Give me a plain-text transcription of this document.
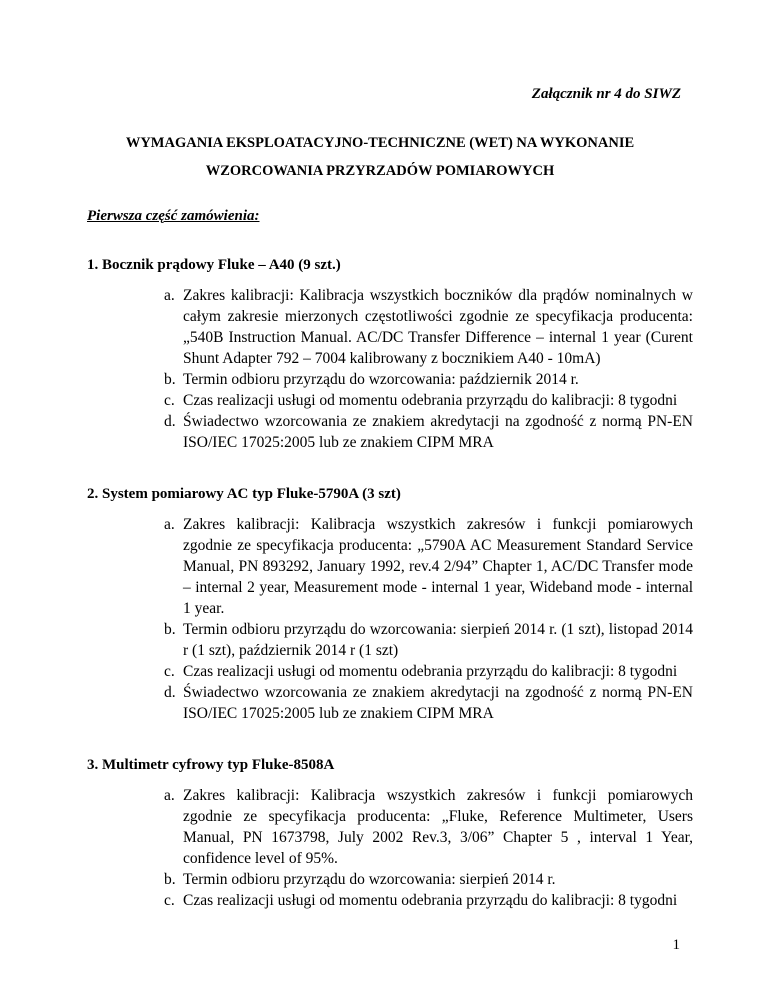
Załącznik nr 4 do SIWZ
WYMAGANIA EKSPLOATACYJNO-TECHNICZNE (WET) NA WYKONANIE
WZORCOWANIA PRZYRZADÓW POMIAROWYCH
Pierwsza część zamówienia:
1. Bocznik prądowy Fluke – A40 (9 szt.)
a. Zakres kalibracji: Kalibracja wszystkich boczników dla prądów nominalnych w całym zakresie mierzonych częstotliwości zgodnie ze specyfikacja producenta: „540B Instruction Manual. AC/DC Transfer Difference – internal 1 year (Curent Shunt Adapter 792 – 7004 kalibrowany z bocznikiem A40 - 10mA)
b. Termin odbioru przyrządu do wzorcowania: październik 2014 r.
c. Czas realizacji usługi od momentu odebrania przyrządu do kalibracji: 8 tygodni
d. Świadectwo wzorcowania ze znakiem akredytacji na zgodność z normą PN-EN ISO/IEC 17025:2005 lub ze znakiem CIPM MRA
2. System pomiarowy AC typ Fluke-5790A (3 szt)
a. Zakres kalibracji: Kalibracja wszystkich zakresów i funkcji pomiarowych zgodnie ze specyfikacja producenta: „5790A AC Measurement Standard Service Manual, PN 893292, January 1992, rev.4 2/94” Chapter 1, AC/DC Transfer mode – internal 2 year, Measurement mode - internal 1 year, Wideband mode - internal 1 year.
b. Termin odbioru przyrządu do wzorcowania: sierpień 2014 r. (1 szt), listopad 2014 r (1 szt), październik 2014 r (1 szt)
c. Czas realizacji usługi od momentu odebrania przyrządu do kalibracji: 8 tygodni
d. Świadectwo wzorcowania ze znakiem akredytacji na zgodność z normą PN-EN ISO/IEC 17025:2005 lub ze znakiem CIPM MRA
3. Multimetr cyfrowy typ Fluke-8508A
a. Zakres kalibracji: Kalibracja wszystkich zakresów i funkcji pomiarowych zgodnie ze specyfikacja producenta: „Fluke, Reference Multimeter, Users Manual, PN 1673798, July 2002 Rev.3, 3/06” Chapter 5 , interval 1 Year, confidence level of 95%.
b. Termin odbioru przyrządu do wzorcowania: sierpień 2014 r.
c. Czas realizacji usługi od momentu odebrania przyrządu do kalibracji: 8 tygodni
1
